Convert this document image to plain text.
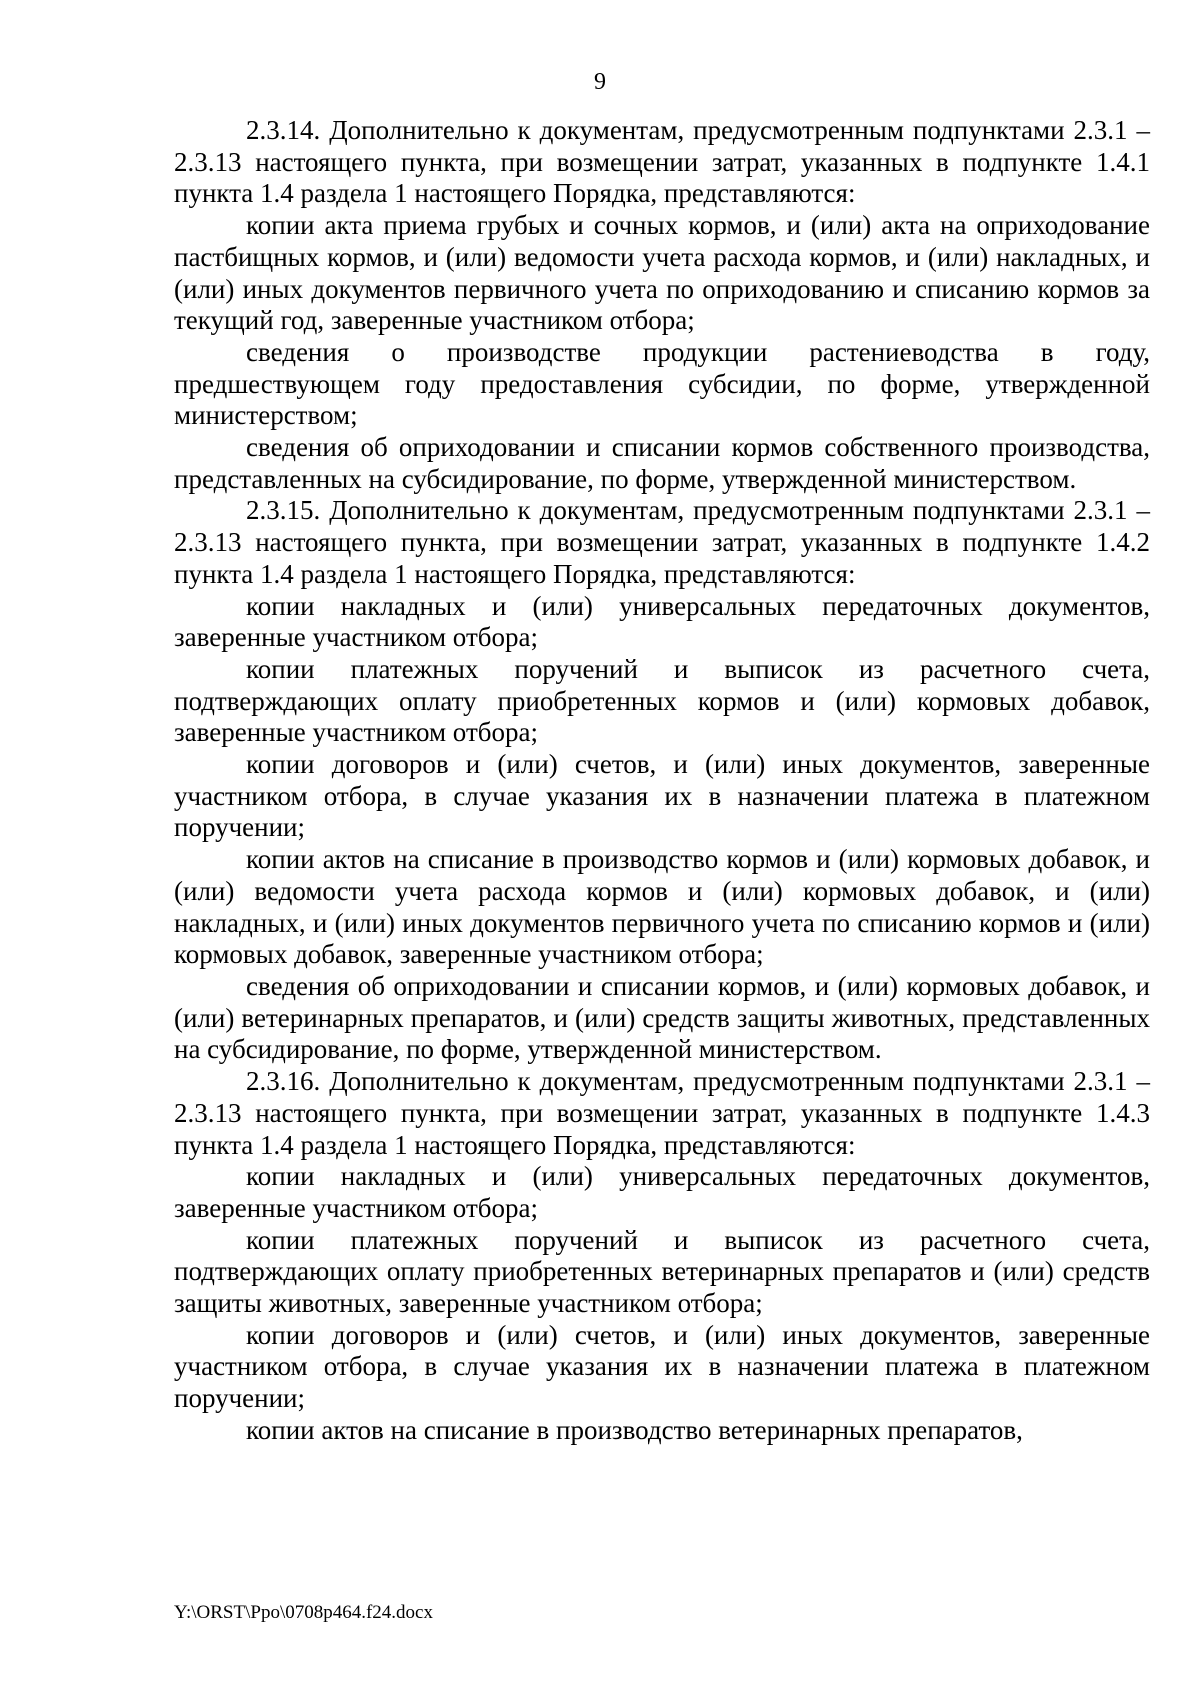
9

2.3.14. Дополнительно к документам, предусмотренным подпунктами 2.3.1 – 2.3.13 настоящего пункта, при возмещении затрат, указанных в подпункте 1.4.1 пункта 1.4 раздела 1 настоящего Порядка, представляются:

копии акта приема грубых и сочных кормов, и (или) акта на оприходование пастбищных кормов, и (или) ведомости учета расхода кормов, и (или) накладных, и (или) иных документов первичного учета по оприходованию и списанию кормов за текущий год, заверенные участником отбора;

сведения о производстве продукции растениеводства в году, предшествующем году предоставления субсидии, по форме, утвержденной министерством;

сведения об оприходовании и списании кормов собственного производства, представленных на субсидирование, по форме, утвержденной министерством.

2.3.15. Дополнительно к документам, предусмотренным подпунктами 2.3.1 – 2.3.13 настоящего пункта, при возмещении затрат, указанных в подпункте 1.4.2 пункта 1.4 раздела 1 настоящего Порядка, представляются:

копии накладных и (или) универсальных передаточных документов, заверенные участником отбора;

копии платежных поручений и выписок из расчетного счета, подтверждающих оплату приобретенных кормов и (или) кормовых добавок, заверенные участником отбора;

копии договоров и (или) счетов, и (или) иных документов, заверенные участником отбора, в случае указания их в назначении платежа в платежном поручении;

копии актов на списание в производство кормов и (или) кормовых добавок, и (или) ведомости учета расхода кормов и (или) кормовых добавок, и (или) накладных, и (или) иных документов первичного учета по списанию кормов и (или) кормовых добавок, заверенные участником отбора;

сведения об оприходовании и списании кормов, и (или) кормовых добавок, и (или) ветеринарных препаратов, и (или) средств защиты животных, представленных на субсидирование, по форме, утвержденной министерством.

2.3.16. Дополнительно к документам, предусмотренным подпунктами 2.3.1 – 2.3.13 настоящего пункта, при возмещении затрат, указанных в подпункте 1.4.3 пункта 1.4 раздела 1 настоящего Порядка, представляются:

копии накладных и (или) универсальных передаточных документов, заверенные участником отбора;

копии платежных поручений и выписок из расчетного счета, подтверждающих оплату приобретенных ветеринарных препаратов и (или) средств защиты животных, заверенные участником отбора;

копии договоров и (или) счетов, и (или) иных документов, заверенные участником отбора, в случае указания их в назначении платежа в платежном поручении;

копии актов на списание в производство ветеринарных препаратов,

Y:\ORST\Ppo\0708p464.f24.docx
